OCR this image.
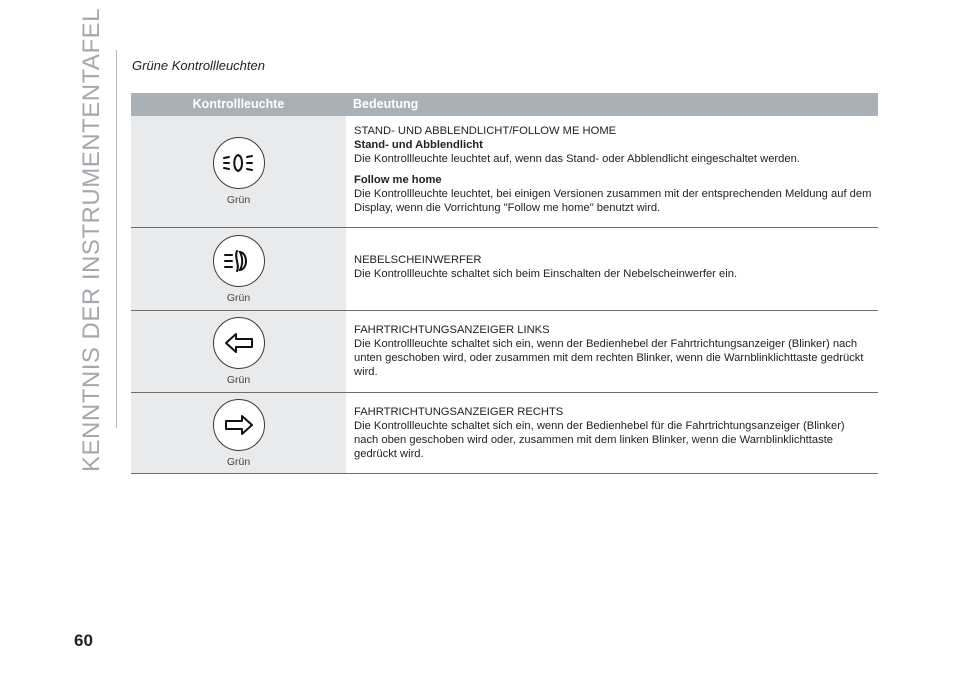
KENNTNIS DER INSTRUMENTENTAFEL Grüne Kontrollleuchten
Kontrollleuchte	Bedeutung
Grün
STAND- UND ABBLENDLICHT/FOLLOW ME HOME
Stand- und Abblendlicht
Die Kontrollleuchte leuchtet auf, wenn das Stand- oder Abblendlicht eingeschaltet werden.
Follow me home
Die Kontrollleuchte leuchtet, bei einigen Versionen zusammen mit der entsprechenden Meldung auf dem Display, wenn die Vorrichtung "Follow me home" benutzt wird.
Grün
NEBELSCHEINWERFER
Die Kontrollleuchte schaltet sich beim Einschalten der Nebelscheinwerfer ein.
Grün
FAHRTRICHTUNGSANZEIGER LINKS
Die Kontrollleuchte schaltet sich ein, wenn der Bedienhebel der Fahrtrichtungsanzeiger (Blinker) nach unten geschoben wird, oder zusammen mit dem rechten Blinker, wenn die Warnblinklichttaste gedrückt wird.
Grün
FAHRTRICHTUNGSANZEIGER RECHTS
Die Kontrollleuchte schaltet sich ein, wenn der Bedienhebel für die Fahrtrichtungsanzeiger (Blinker) nach oben geschoben wird oder, zusammen mit dem linken Blinker, wenn die Warnblinklichttaste gedrückt wird.
60
